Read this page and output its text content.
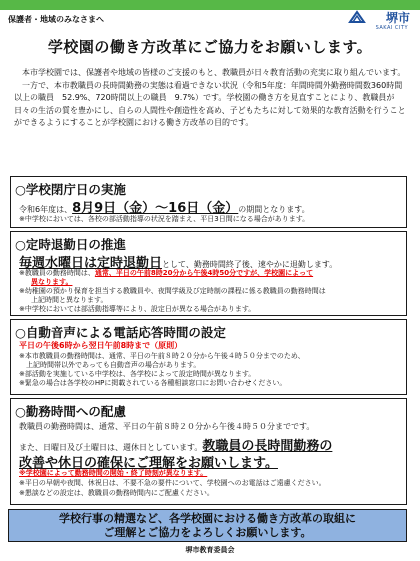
保護者・地域のみなさまへ	堺市
SAKAI CITY
学校園の働き方改革にご協力をお願いします。

本市学校園では、保護者や地域の皆様のご支援のもと、教職員が日々教育活動の充実に取り組んでいます。

一方で、本市教職員の長時間勤務の実態は看過できない状況（令和5年度：年間時間外勤務時間数360時間以上の職員　52.9%、720時間以上の職員　9.7%）です。学校園の働き方を見直すことにより、教職員が日々の生活の質を豊かにし、自らの人間性や創造性を高め、子どもたちに対して効果的な教育活動を行うことができるようにすることが学校園における働き方改革の目的です。

○学校閉庁日の実施
令和6年度は、8月9日（金）～16日（金）の期間となります。
※中学校においては、各校の部活動指導の状況を踏まえ、平日3日間になる場合があります。
○定時退勤日の推進
毎週水曜日は定時退勤日として、勤務時間終了後、速やかに退勤します。
※教職員の勤務時間は、通常、平日の午前8時20分から午後4時50分ですが、学校園によって
異なります。
※幼稚園の預かり保育を担当する教職員や、夜間学級及び定時制の課程に係る教職員の勤務時間は
上記時間と異なります。
※中学校においては部活動指導等により、設定日が異なる場合があります。
○自動音声による電話応答時間の設定
平日の午後6時から翌日午前8時まで（原則）
※本市教職員の勤務時間は、通常、平日の午前８時２０分から午後４時５０分までのため、
　上記時間帯以外であっても自動音声の場合があります。
※部活動を実施している中学校は、各学校によって設定時間が異なります。
※緊急の場合は各学校のHPに掲載されている各種相談窓口にお問い合わせください。
○勤務時間への配慮
教職員の勤務時間は、通常、平日の午前８時２０分から午後４時５０分までです。
また、日曜日及び土曜日は、週休日としています。教職員の長時間勤務の
改善や休日の確保にご理解をお願いします。
※学校園によって勤務時間の開始・終了時刻が異なります。
※平日の早朝や夜間、休祝日は、不要不急の要件について、学校園へのお電話はご遠慮ください。
※懇談などの設定は、教職員の勤務時間内にご配慮ください。
学校行事の精選など、各学校園における働き方改革の取組に
ご理解とご協力をよろしくお願いします。
堺市教育委員会
